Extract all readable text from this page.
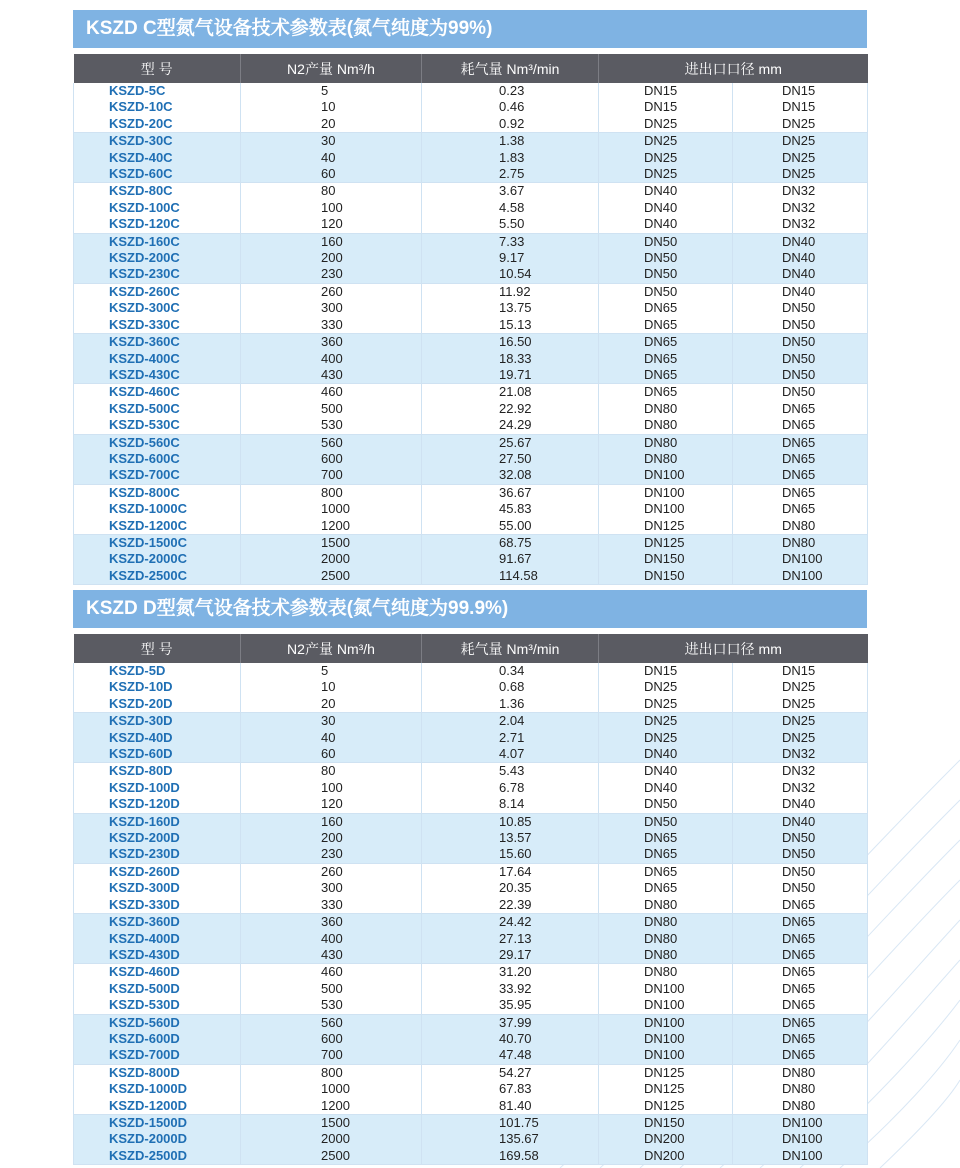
KSZD C型氮气设备技术参数表(氮气纯度为99%)
型 号	N2产量 Nm³/h	耗气量 Nm³/min	进出口口径 mm	
KSZD-5C	5	0.23	DN15	DN15
KSZD-10C	10	0.46	DN15	DN15
KSZD-20C	20	0.92	DN25	DN25
KSZD-30C	30	1.38	DN25	DN25
KSZD-40C	40	1.83	DN25	DN25
KSZD-60C	60	2.75	DN25	DN25
KSZD-80C	80	3.67	DN40	DN32
KSZD-100C	100	4.58	DN40	DN32
KSZD-120C	120	5.50	DN40	DN32
KSZD-160C	160	7.33	DN50	DN40
KSZD-200C	200	9.17	DN50	DN40
KSZD-230C	230	10.54	DN50	DN40
KSZD-260C	260	11.92	DN50	DN40
KSZD-300C	300	13.75	DN65	DN50
KSZD-330C	330	15.13	DN65	DN50
KSZD-360C	360	16.50	DN65	DN50
KSZD-400C	400	18.33	DN65	DN50
KSZD-430C	430	19.71	DN65	DN50
KSZD-460C	460	21.08	DN65	DN50
KSZD-500C	500	22.92	DN80	DN65
KSZD-530C	530	24.29	DN80	DN65
KSZD-560C	560	25.67	DN80	DN65
KSZD-600C	600	27.50	DN80	DN65
KSZD-700C	700	32.08	DN100	DN65
KSZD-800C	800	36.67	DN100	DN65
KSZD-1000C	1000	45.83	DN100	DN65
KSZD-1200C	1200	55.00	DN125	DN80
KSZD-1500C	1500	68.75	DN125	DN80
KSZD-2000C	2000	91.67	DN150	DN100
KSZD-2500C	2500	114.58	DN150	DN100
KSZD D型氮气设备技术参数表(氮气纯度为99.9%)
型 号	N2产量 Nm³/h	耗气量 Nm³/min	进出口口径 mm	
KSZD-5D	5	0.34	DN15	DN15
KSZD-10D	10	0.68	DN25	DN25
KSZD-20D	20	1.36	DN25	DN25
KSZD-30D	30	2.04	DN25	DN25
KSZD-40D	40	2.71	DN25	DN25
KSZD-60D	60	4.07	DN40	DN32
KSZD-80D	80	5.43	DN40	DN32
KSZD-100D	100	6.78	DN40	DN32
KSZD-120D	120	8.14	DN50	DN40
KSZD-160D	160	10.85	DN50	DN40
KSZD-200D	200	13.57	DN65	DN50
KSZD-230D	230	15.60	DN65	DN50
KSZD-260D	260	17.64	DN65	DN50
KSZD-300D	300	20.35	DN65	DN50
KSZD-330D	330	22.39	DN80	DN65
KSZD-360D	360	24.42	DN80	DN65
KSZD-400D	400	27.13	DN80	DN65
KSZD-430D	430	29.17	DN80	DN65
KSZD-460D	460	31.20	DN80	DN65
KSZD-500D	500	33.92	DN100	DN65
KSZD-530D	530	35.95	DN100	DN65
KSZD-560D	560	37.99	DN100	DN65
KSZD-600D	600	40.70	DN100	DN65
KSZD-700D	700	47.48	DN100	DN65
KSZD-800D	800	54.27	DN125	DN80
KSZD-1000D	1000	67.83	DN125	DN80
KSZD-1200D	1200	81.40	DN125	DN80
KSZD-1500D	1500	101.75	DN150	DN100
KSZD-2000D	2000	135.67	DN200	DN100
KSZD-2500D	2500	169.58	DN200	DN100
